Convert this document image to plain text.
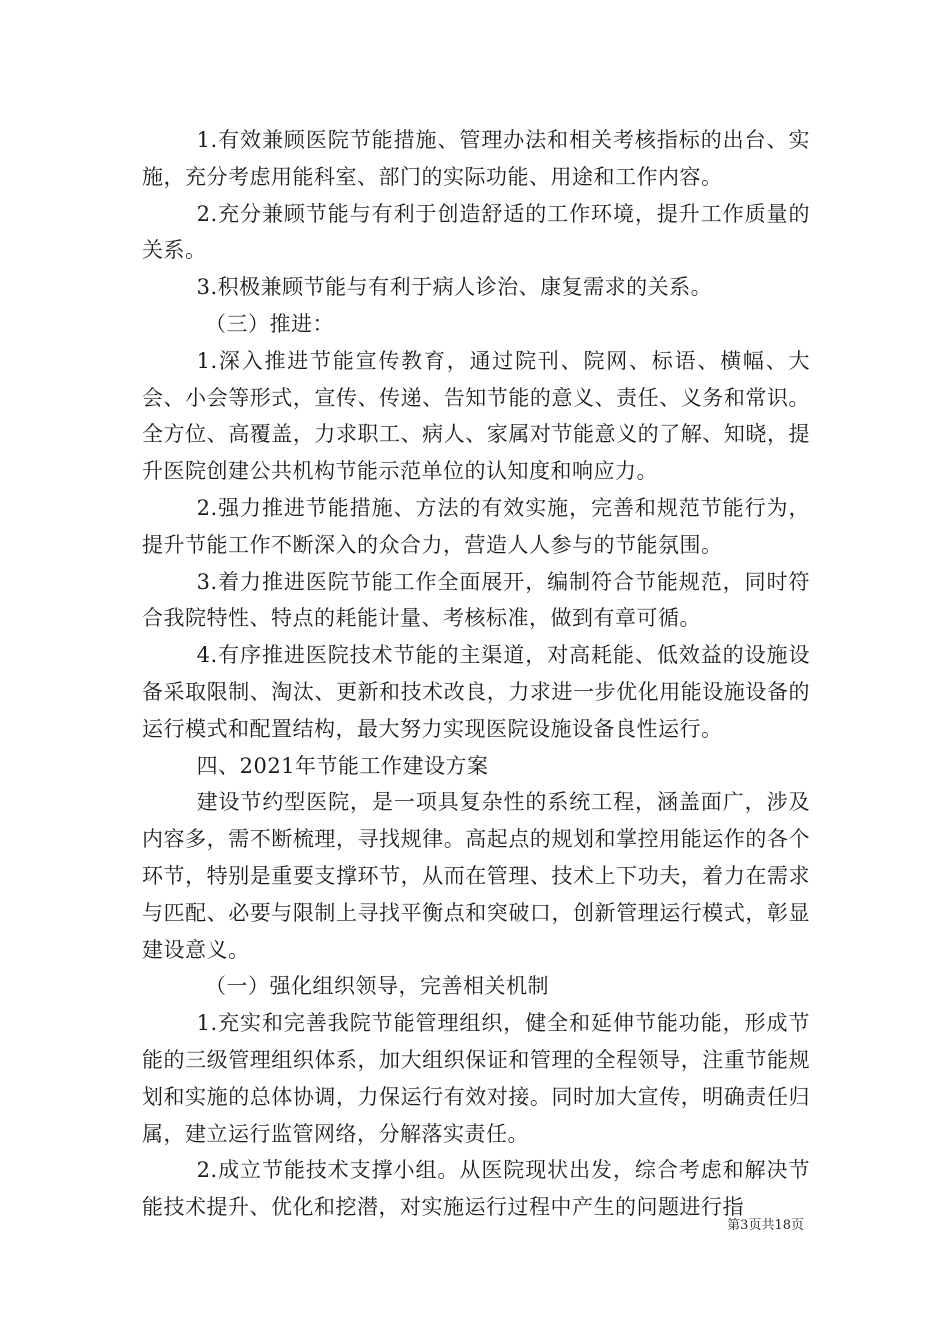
1.有效兼顾医院节能措施、管理办法和相关考核指标的出台、实施，充分考虑用能科室、部门的实际功能、用途和工作内容。

2.充分兼顾节能与有利于创造舒适的工作环境，提升工作质量的关系。

3.积极兼顾节能与有利于病人诊治、康复需求的关系。

（三）推进：

1.深入推进节能宣传教育，通过院刊、院网、标语、横幅、大会、小会等形式，宣传、传递、告知节能的意义、责任、义务和常识。全方位、高覆盖，力求职工、病人、家属对节能意义的了解、知晓，提升医院创建公共机构节能示范单位的认知度和响应力。

2.强力推进节能措施、方法的有效实施，完善和规范节能行为，提升节能工作不断深入的众合力，营造人人参与的节能氛围。

3.着力推进医院节能工作全面展开，编制符合节能规范，同时符合我院特性、特点的耗能计量、考核标准，做到有章可循。

4.有序推进医院技术节能的主渠道，对高耗能、低效益的设施设备采取限制、淘汰、更新和技术改良，力求进一步优化用能设施设备的运行模式和配置结构，最大努力实现医院设施设备良性运行。

四、2021年节能工作建设方案

建设节约型医院，是一项具复杂性的系统工程，涵盖面广，涉及内容多，需不断梳理，寻找规律。高起点的规划和掌控用能运作的各个环节，特别是重要支撑环节，从而在管理、技术上下功夫，着力在需求与匹配、必要与限制上寻找平衡点和突破口，创新管理运行模式，彰显建设意义。

（一）强化组织领导，完善相关机制

1.充实和完善我院节能管理组织，健全和延伸节能功能，形成节能的三级管理组织体系，加大组织保证和管理的全程领导，注重节能规划和实施的总体协调，力保运行有效对接。同时加大宣传，明确责任归属，建立运行监管网络，分解落实责任。

2.成立节能技术支撑小组。从医院现状出发，综合考虑和解决节能技术提升、优化和挖潜，对实施运行过程中产生的问题进行指

第3页共18页
